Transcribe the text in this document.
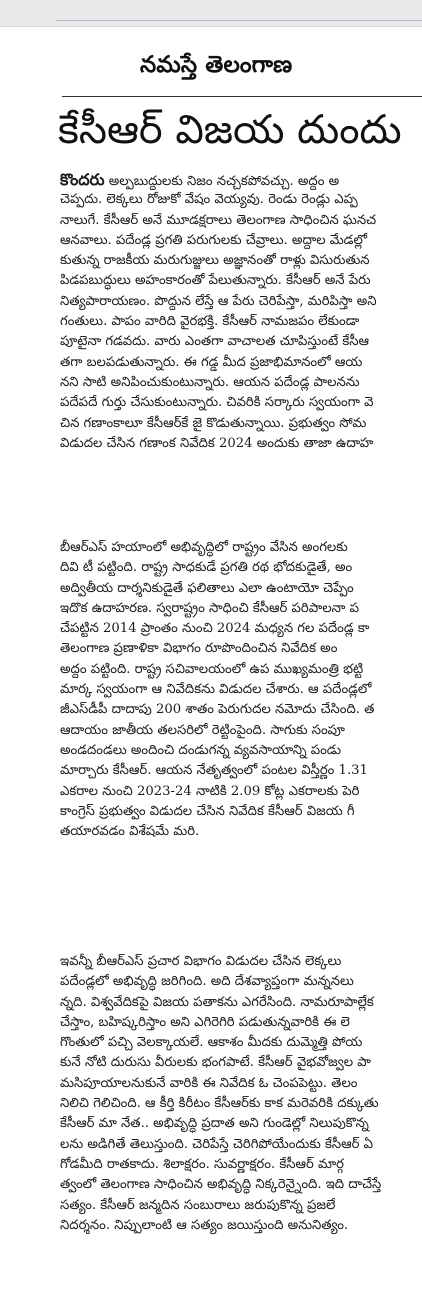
నమస్తే తెలంగాణ
కేసీఆర్ విజయ దుందు
కొందరు అల్పబుద్ధులకు నిజం నచ్చకపోవచ్చు. అద్దం అ
చెప్పదు. లెక్కలు రోజుకో వేషం వెయ్యవు. రెండు రెండ్లు ఎప్ప
నాలుగే. కేసీఆర్ అనే మూడక్షరాలు తెలంగాణ సాధించిన ఘనచ
ఆనవాలు. పదేండ్ల ప్రగతి పరుగులకు చేవ్రాలు. అద్దాల మేడల్లో
కుతున్న రాజకీయ మరుగుజ్జులు అజ్ఞానంతో రాళ్లు విసురుతున
పిడపబుద్ధులు అహంకారంతో పేలుతున్నారు. కేసీఆర్ అనే పేరు
నిత్యపారాయణం. పొద్దున లేస్తే ఆ పేరు చెరిపేస్తా, మరిపిస్తా అని
గంతులు. పాపం వారిది వైరభక్తి. కేసీఆర్ నామజపం లేకుండా
పూటైనా గడవదు. వారు ఎంతగా వాచాలత చూపిస్తుంటే కేసీఆ
తగా బలపడుతున్నారు. ఈ గడ్డ మీద ప్రజాభిమానంలో ఆయ
నని సాటి అనిపించుకుంటున్నారు. ఆయన పదేండ్ల పాలనను
పదేపదే గుర్తు చేసుకుంటున్నారు. చివరికి సర్కారు స్వయంగా వె
చిన గణాంకాలూ కేసీఆర్‌కే జై కొడుతున్నాయి. ప్రభుత్వం సోమ
విడుదల చేసిన గణాంక నివేదిక 2024 అందుకు తాజా ఉదాహ
బీఆర్ఎస్ హయాంలో అభివృద్ధిలో రాష్ట్రం వేసిన అంగలకు
దివి టీ పట్టింది. రాష్ట్ర సాధకుడే ప్రగతి రథ భోదకుడైతే, అం
అద్వితీయ దార్శనికుడైతే ఫలితాలు ఎలా ఉంటాయో చెప్పేం
ఇదొక ఉదాహరణ. స్వరాష్ట్రం సాధించి కేసీఆర్ పరిపాలనా ప
చేపట్టిన 2014 ప్రాంతం నుంచి 2024 మధ్యన గల పదేండ్ల కా
తెలంగాణ ప్రణాళికా విభాగం రూపొందించిన నివేదిక అం
అద్దం పట్టింది. రాష్ట్ర సచివాలయంలో ఉప ముఖ్యమంత్రి భట్టి
మార్క స్వయంగా ఆ నివేదికను విడుదల చేశారు. ఆ పదేండ్లలో
జీఎస్‌డీపీ దాదాపు 200 శాతం పెరుగుదల నమోదు చేసింది. త
ఆదాయం జాతీయ తలసరిలో రెట్టింపైంది. సాగుకు సంపూ
అండదండలు అందించి దండుగన్న వ్యవసాయాన్ని పండు
మార్చారు కేసీఆర్. ఆయన నేతృత్వంలో పంటల విస్తీర్ణం 1.31
ఎకరాల నుంచి 2023-24 నాటికి 2.09 కోట్ల ఎకరాలకు పెరి
కాంగ్రెస్ ప్రభుత్వం విడుదల చేసిన నివేదిక కేసీఆర్ విజయ గీ
తయారవడం విశేషమే మరి.
ఇవన్నీ బీఆర్ఎస్ ప్రచార విభాగం విడుదల చేసిన లెక్కలు
పదేండ్లలో అభివృద్ధి జరిగింది. అది దేశవ్యాప్తంగా మన్ననలు
న్నది. విశ్వవేదికపై విజయ పతాకను ఎగరేసింది. నామరూపాల్లేక
చేస్తాం, బహిష్కరిస్తాం అని ఎగిరెగిరి పడుతున్నవారికి ఈ లె
గొంతులో పచ్చి వెలక్కాయలే. ఆకాశం మీదకు దుమ్మెత్తి పోయ
కునే నోటి దురుసు వీరులకు భంగపాటే. కేసీఆర్ వైభవోజ్వల పా
మసిపూయాలనుకునే వారికి ఈ నివేదిక ఓ చెంపపెట్టు. తెలం
నిలిచి గెలిచింది. ఆ కీర్తి కిరీటం కేసీఆర్‌కు కాక మరెవరికి దక్కుతు
కేసీఆర్ మా నేత.. అభివృద్ధి ప్రదాత అని గుండెల్లో నిలుపుకొన్న
లను అడిగితే తెలుస్తుంది. చెరిపేస్తే చెరిగిపోయేందుకు కేసీఆర్ ఏ
గోడమీది రాతకాదు. శిలాక్షరం. సువర్ణాక్షరం. కేసీఆర్ మార్గ
త్వంలో తెలంగాణ సాధించిన అభివృద్ధి నిక్కరెన్నైంది. ఇది దాచేస్తే
సత్యం. కేసీఆర్ జన్మదిన సంబురాలు జరుపుకొన్న ప్రజలే
నిదర్శనం. నిప్పులాంటి ఆ సత్యం జయిస్తుంది అనునిత్యం.
